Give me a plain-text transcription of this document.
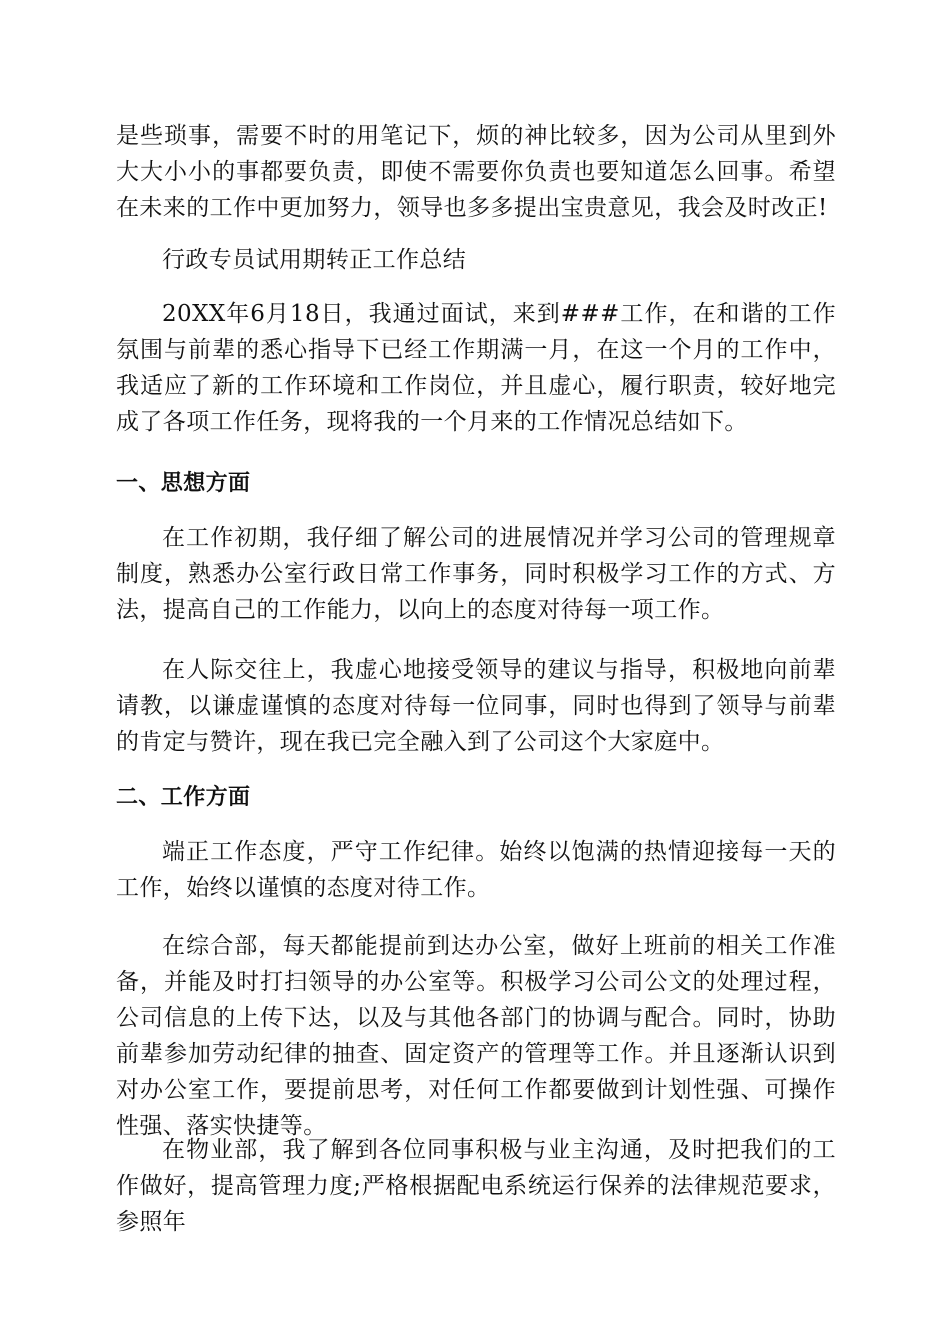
是些琐事，需要不时的用笔记下，烦的神比较多，因为公司从里到外大大小小的事都要负责，即使不需要你负责也要知道怎么回事。希望在未来的工作中更加努力，领导也多多提出宝贵意见，我会及时改正!

行政专员试用期转正工作总结

20XX年6月18日，我通过面试，来到###工作，在和谐的工作氛围与前辈的悉心指导下已经工作期满一月，在这一个月的工作中，我适应了新的工作环境和工作岗位，并且虚心，履行职责，较好地完成了各项工作任务，现将我的一个月来的工作情况总结如下。

一、思想方面

在工作初期，我仔细了解公司的进展情况并学习公司的管理规章制度，熟悉办公室行政日常工作事务，同时积极学习工作的方式、方法，提高自己的工作能力，以向上的态度对待每一项工作。

在人际交往上，我虚心地接受领导的建议与指导，积极地向前辈请教，以谦虚谨慎的态度对待每一位同事，同时也得到了领导与前辈的肯定与赞许，现在我已完全融入到了公司这个大家庭中。

二、工作方面

端正工作态度，严守工作纪律。始终以饱满的热情迎接每一天的工作，始终以谨慎的态度对待工作。

在综合部，每天都能提前到达办公室，做好上班前的相关工作准备，并能及时打扫领导的办公室等。积极学习公司公文的处理过程，公司信息的上传下达，以及与其他各部门的协调与配合。同时，协助前辈参加劳动纪律的抽查、固定资产的管理等工作。并且逐渐认识到对办公室工作，要提前思考，对任何工作都要做到计划性强、可操作性强、落实快捷等。

在物业部，我了解到各位同事积极与业主沟通，及时把我们的工作做好，提高管理力度;严格根据配电系统运行保养的法律规范要求，参照年
